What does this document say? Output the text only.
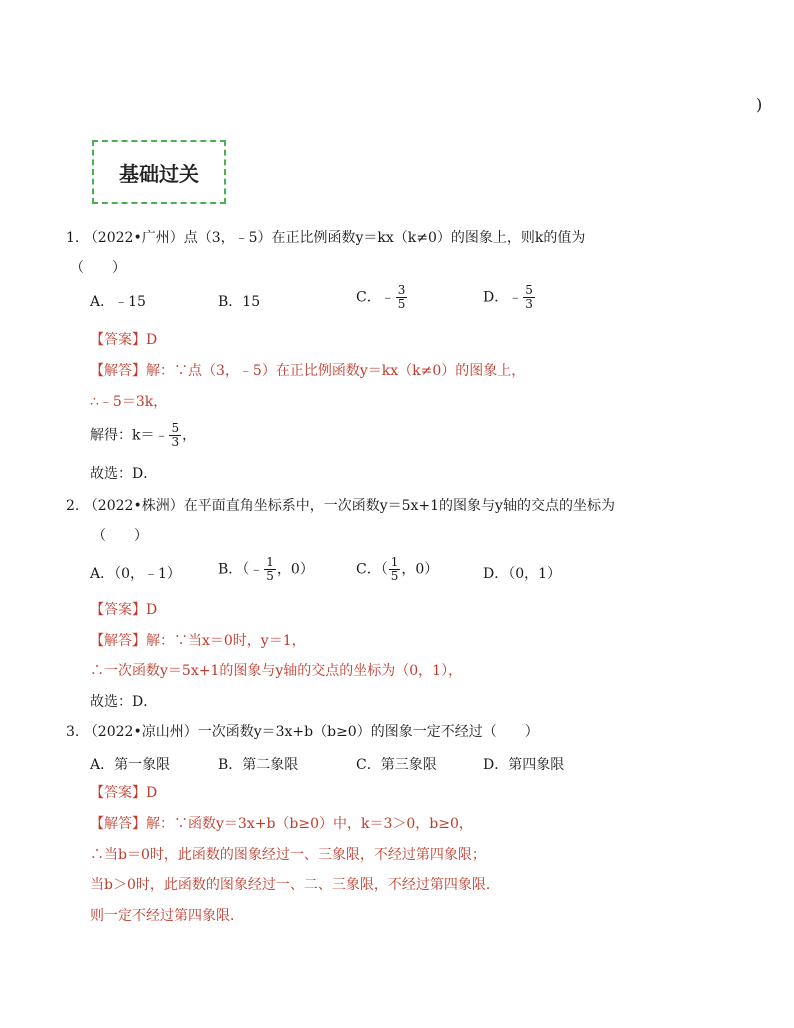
)
基础过关
1. （2022•广州）点（3，﹣5）在正比例函数y＝kx（k≠0）的图象上，则k的值为
（　　）
A．﹣15	B．15	C．﹣ $\frac{3}{5}$	D．﹣ $\frac{5}{3}$
【答案】D
【解答】解：∵点（3，﹣5）在正比例函数y＝kx（k≠0）的图象上，
∴﹣5＝3k，
解得：k＝﹣ $\frac{5}{3}$ ，
故选：D．
2. （2022•株洲）在平面直角坐标系中，一次函数y＝5x+1的图象与y轴的交点的坐标为
（　　）
A．（0，﹣1）	B．（﹣ $\frac{1}{5}$ ，0）	C．（ $\frac{1}{5}$ ，0）	D．（0，1）
【答案】D
【解答】解：∵当x＝0时，y＝1，
∴一次函数y＝5x+1的图象与y轴的交点的坐标为（0，1），
故选：D．
3. （2022•凉山州）一次函数y＝3x+b（b≥0）的图象一定不经过（　　）
A．第一象限	B．第二象限	C．第三象限	D．第四象限
【答案】D
【解答】解：∵函数y＝3x+b（b≥0）中，k＝3＞0，b≥0，
∴当b＝0时，此函数的图象经过一、三象限，不经过第四象限；
当b＞0时，此函数的图象经过一、二、三象限，不经过第四象限．
则一定不经过第四象限．
